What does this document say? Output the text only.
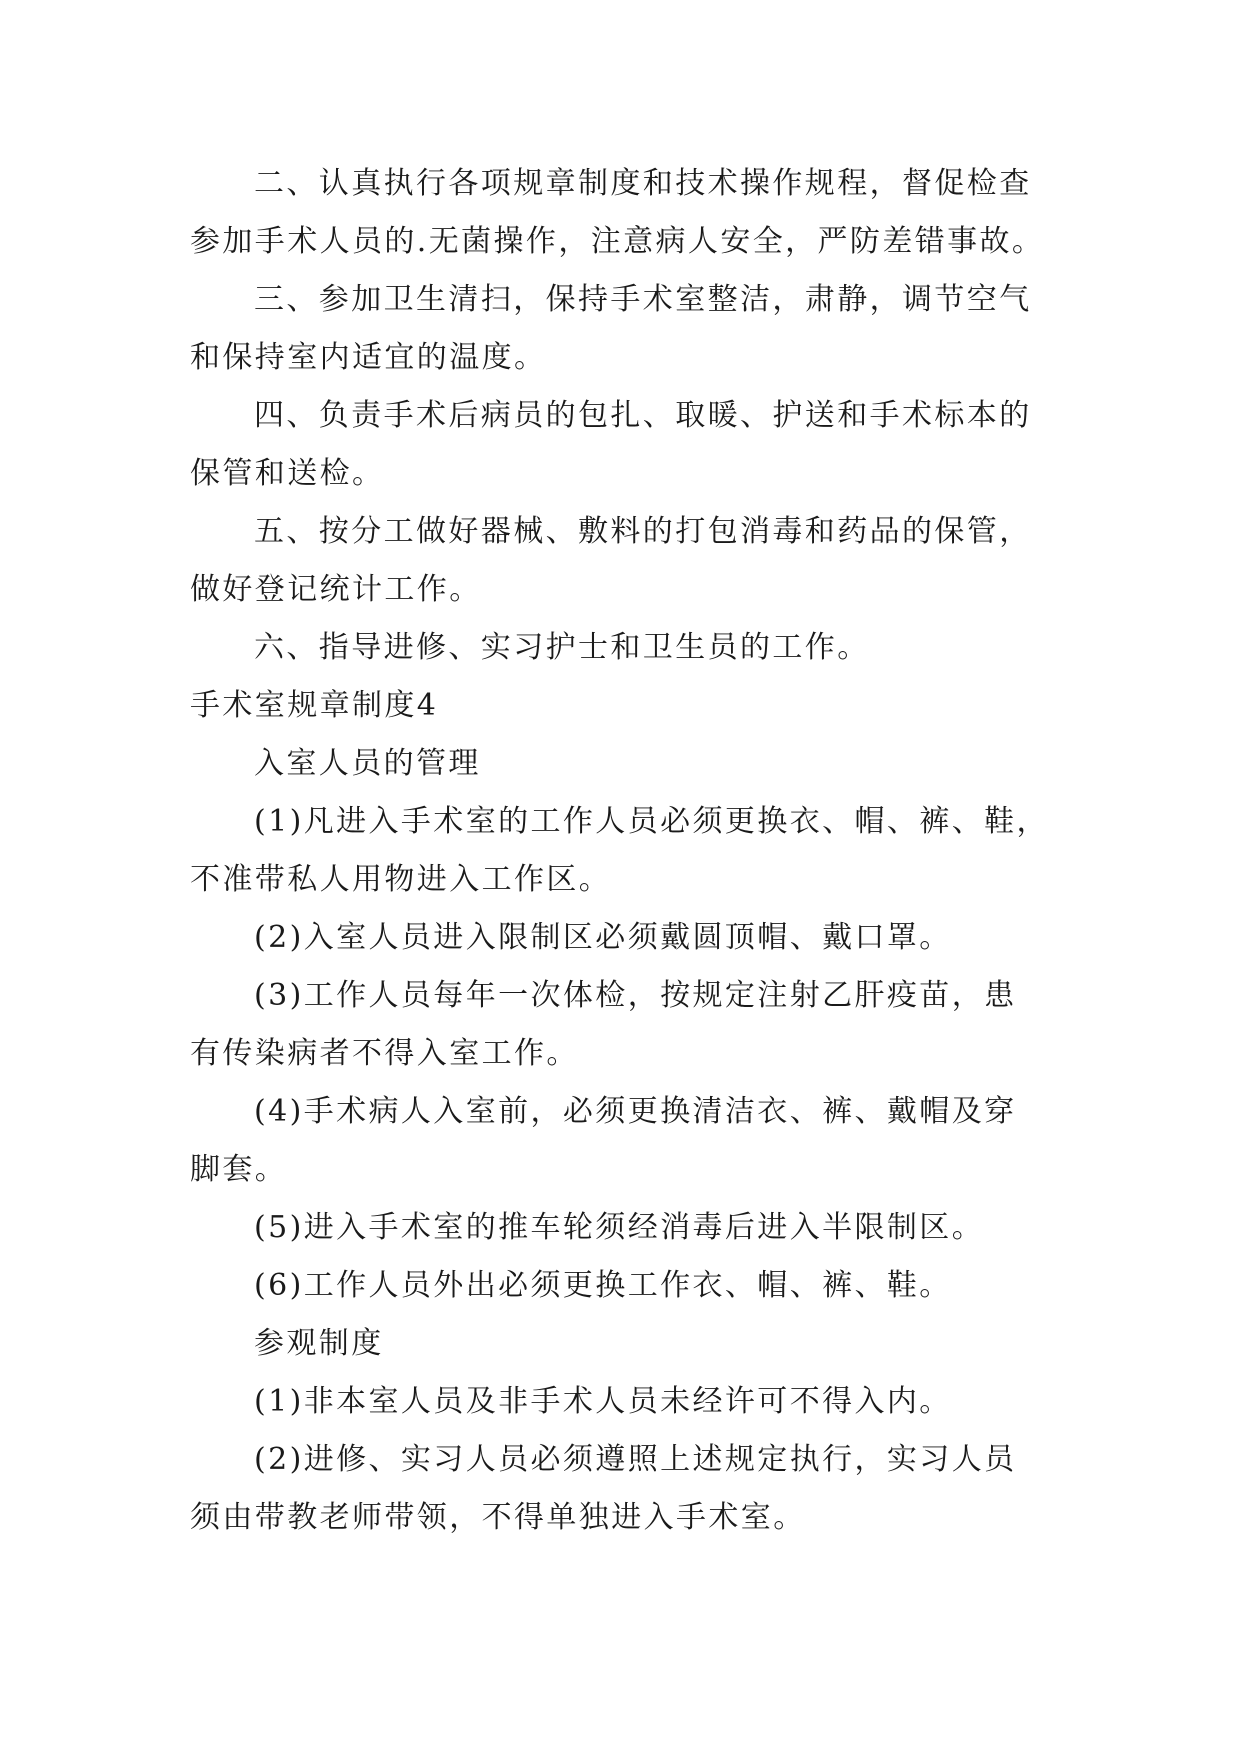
二、认真执行各项规章制度和技术操作规程，督促检查
参加手术人员的.无菌操作，注意病人安全，严防差错事故。
三、参加卫生清扫，保持手术室整洁，肃静，调节空气
和保持室内适宜的温度。
四、负责手术后病员的包扎、取暖、护送和手术标本的
保管和送检。
五、按分工做好器械、敷料的打包消毒和药品的保管，
做好登记统计工作。
六、指导进修、实习护士和卫生员的工作。
手术室规章制度4
入室人员的管理
(1)凡进入手术室的工作人员必须更换衣、帽、裤、鞋，
不准带私人用物进入工作区。
(2)入室人员进入限制区必须戴圆顶帽、戴口罩。
(3)工作人员每年一次体检，按规定注射乙肝疫苗，患
有传染病者不得入室工作。
(4)手术病人入室前，必须更换清洁衣、裤、戴帽及穿
脚套。
(5)进入手术室的推车轮须经消毒后进入半限制区。
(6)工作人员外出必须更换工作衣、帽、裤、鞋。
参观制度
(1)非本室人员及非手术人员未经许可不得入内。
(2)进修、实习人员必须遵照上述规定执行，实习人员
须由带教老师带领，不得单独进入手术室。
